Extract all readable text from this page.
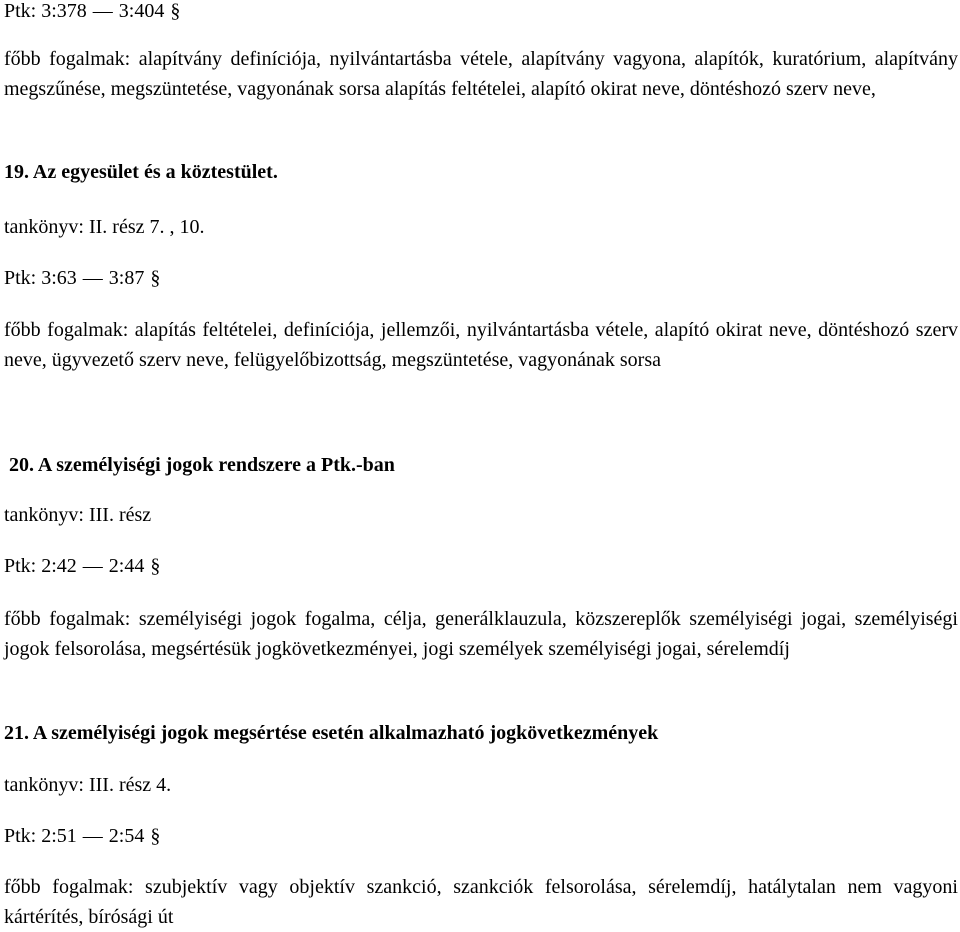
Ptk: 3:378 — 3:404 §
főbb fogalmak: alapítvány definíciója, nyilvántartásba vétele, alapítvány vagyona, alapítók, kuratórium, alapítvány megszűnése, megszüntetése, vagyonának sorsa alapítás feltételei, alapító okirat neve, döntéshozó szerv neve,
19. Az egyesület és a köztestület.
tankönyv: II. rész 7. , 10.
Ptk: 3:63 — 3:87 §
főbb fogalmak: alapítás feltételei, definíciója, jellemzői, nyilvántartásba vétele, alapító okirat neve, döntéshozó szerv neve, ügyvezető szerv neve, felügyelőbizottság, megszüntetése, vagyonának sorsa
20. A személyiségi jogok rendszere a Ptk.-ban
tankönyv: III. rész
Ptk: 2:42 — 2:44 §
főbb fogalmak: személyiségi jogok fogalma, célja, generálklauzula, közszereplők személyiségi jogai, személyiségi jogok felsorolása, megsértésük jogkövetkezményei, jogi személyek személyiségi jogai, sérelemdíj
21. A személyiségi jogok megsértése esetén alkalmazható jogkövetkezmények
tankönyv: III. rész 4.
Ptk: 2:51 — 2:54 §
főbb fogalmak: szubjektív vagy objektív szankció, szankciók felsorolása, sérelemdíj, hatálytalan nem vagyoni kártérítés, bírósági út
